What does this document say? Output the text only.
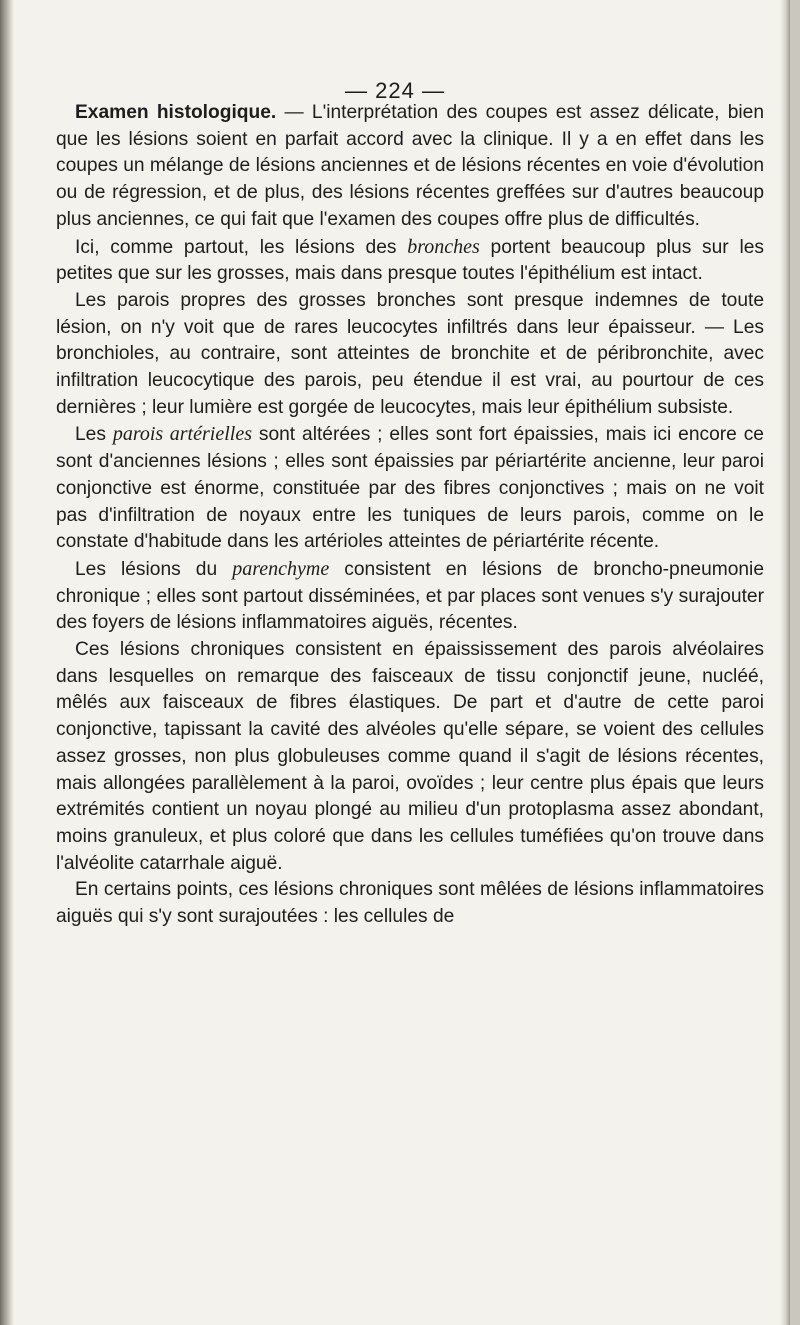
— 224 —

Examen histologique. — L'interprétation des coupes est assez délicate, bien que les lésions soient en parfait accord avec la clinique. Il y a en effet dans les coupes un mélange de lésions anciennes et de lésions récentes en voie d'évolution ou de régression, et de plus, des lésions récentes greffées sur d'autres beaucoup plus anciennes, ce qui fait que l'examen des coupes offre plus de difficultés.

Ici, comme partout, les lésions des bronches portent beaucoup plus sur les petites que sur les grosses, mais dans presque toutes l'épithélium est intact.

Les parois propres des grosses bronches sont presque indemnes de toute lésion, on n'y voit que de rares leucocytes infiltrés dans leur épaisseur. — Les bronchioles, au contraire, sont atteintes de bronchite et de péribronchite, avec infiltration leucocytique des parois, peu étendue il est vrai, au pourtour de ces dernières ; leur lumière est gorgée de leucocytes, mais leur épithélium subsiste.

Les parois artérielles sont altérées ; elles sont fort épaissies, mais ici encore ce sont d'anciennes lésions ; elles sont épaissies par périartérite ancienne, leur paroi conjonctive est énorme, constituée par des fibres conjonctives ; mais on ne voit pas d'infiltration de noyaux entre les tuniques de leurs parois, comme on le constate d'habitude dans les artérioles atteintes de périartérite récente.

Les lésions du parenchyme consistent en lésions de broncho-pneumonie chronique ; elles sont partout disséminées, et par places sont venues s'y surajouter des foyers de lésions inflammatoires aiguës, récentes.

Ces lésions chroniques consistent en épaississement des parois alvéolaires dans lesquelles on remarque des faisceaux de tissu conjonctif jeune, nucléé, mêlés aux faisceaux de fibres élastiques. De part et d'autre de cette paroi conjonctive, tapissant la cavité des alvéoles qu'elle sépare, se voient des cellules assez grosses, non plus globuleuses comme quand il s'agit de lésions récentes, mais allongées parallèlement à la paroi, ovoïdes ; leur centre plus épais que leurs extrémités contient un noyau plongé au milieu d'un protoplasma assez abondant, moins granuleux, et plus coloré que dans les cellules tuméfiées qu'on trouve dans l'alvéolite catarrhale aiguë.

En certains points, ces lésions chroniques sont mêlées de lésions inflammatoires aiguës qui s'y sont surajoutées : les cellules de
